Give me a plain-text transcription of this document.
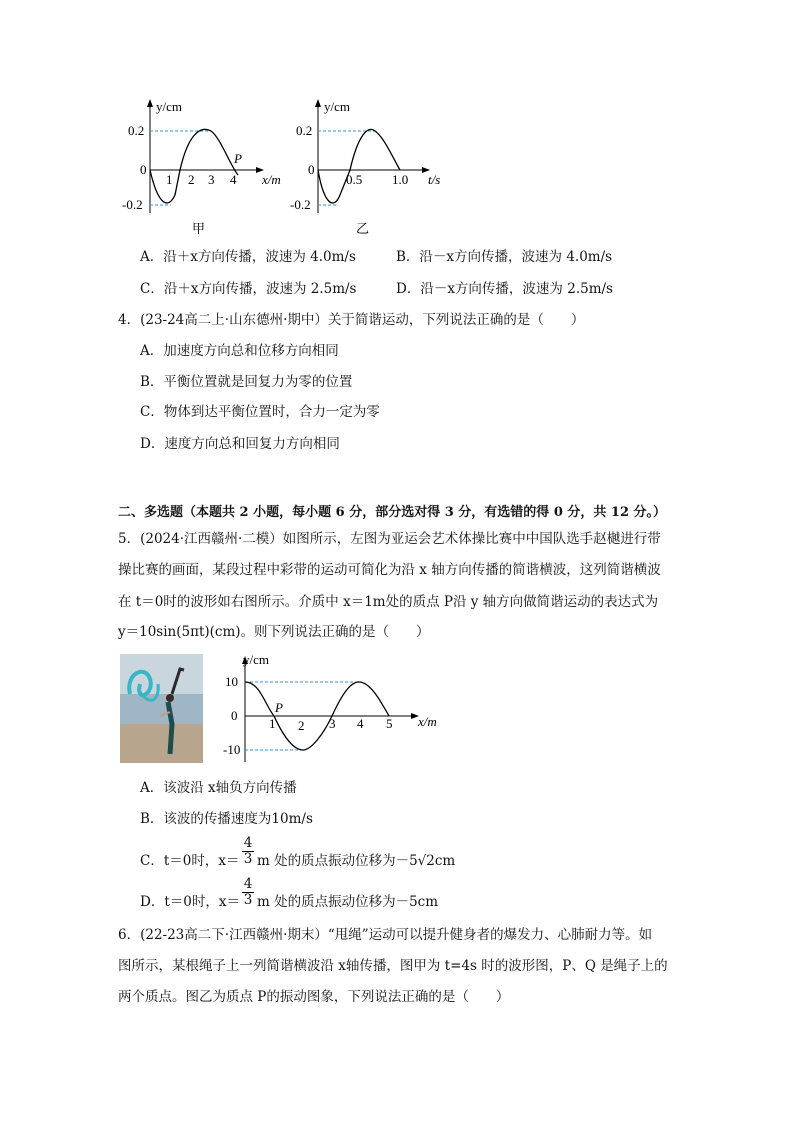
y/cm
0.2
0
-0.2
1 2 3 4
P
x/m
甲
y/cm
0.2
0
-0.2
0.5 1.0 t/s
乙
A．沿＋x方向传播，波速为 4.0m/s	B．沿－x方向传播，波速为 4.0m/s
C．沿＋x方向传播，波速为 2.5m/s	D．沿－x方向传播，波速为 2.5m/s
4．(23-24高二上·山东德州·期中）关于简谐运动，下列说法正确的是（　　）
A．加速度方向总和位移方向相同
B．平衡位置就是回复力为零的位置
C．物体到达平衡位置时，合力一定为零
D．速度方向总和回复力方向相同
二、多选题（本题共 2 小题，每小题 6 分，部分选对得 3 分，有选错的得 0 分，共 12 分。）
5．(2024·江西赣州·二模）如图所示，左图为亚运会艺术体操比赛中中国队选手赵樾进行带
操比赛的画面，某段过程中彩带的运动可简化为沿 x 轴方向传播的简谐横波，这列简谐横波
在 t＝0时的波形如右图所示。介质中 x＝1m处的质点 P沿 y 轴方向做简谐运动的表达式为
y＝10sin(5πt)(cm)。则下列说法正确的是（　　）
y/cm
10
0
-10
P
1 2 3 4 5 x/m
A．该波沿 x轴负方向传播
B．该波的传播速度为10m/s
C．t＝0时，x＝
4
3 m 处的质点振动位移为－5√2cm
D．t＝0时，x＝
4
3 m 处的质点振动位移为－5cm
6．(22-23高二下·江西赣州·期末）“甩绳”运动可以提升健身者的爆发力、心肺耐力等。如
图所示，某根绳子上一列简谐横波沿 x轴传播，图甲为 t=4s 时的波形图，P、Q 是绳子上的
两个质点。图乙为质点 P的振动图象，下列说法正确的是（　　）
